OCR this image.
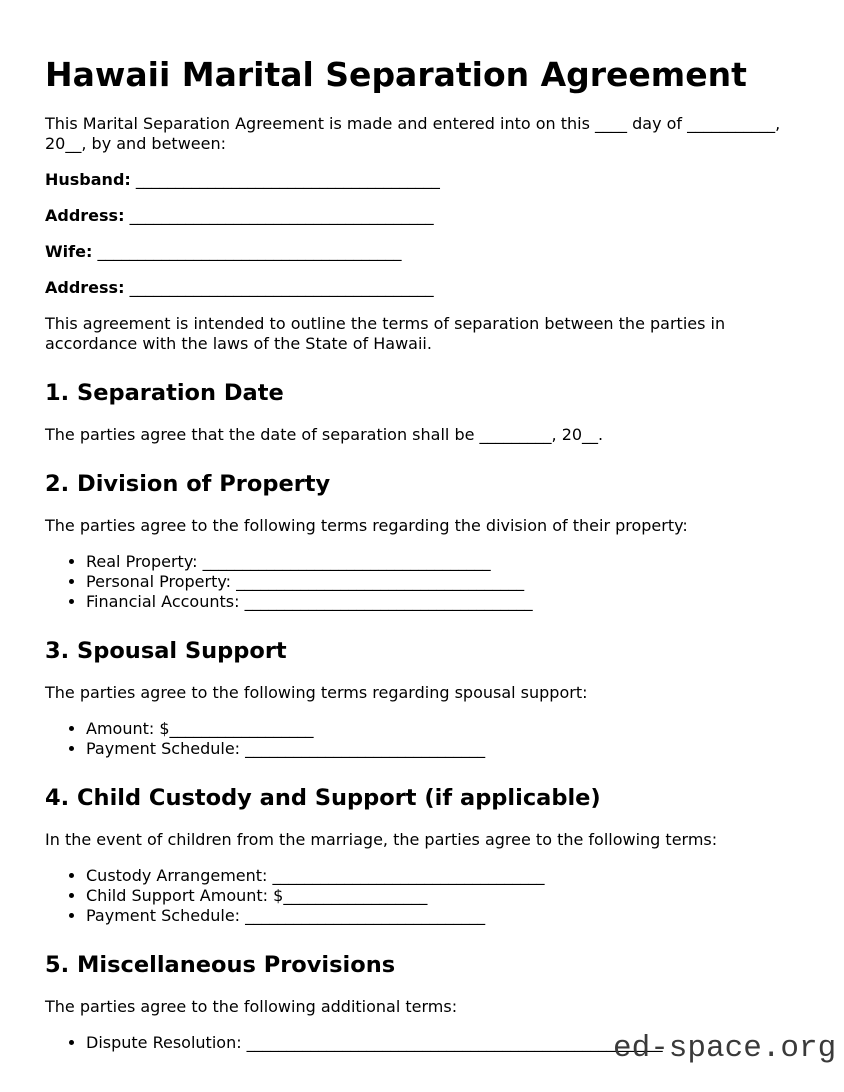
Hawaii Marital Separation Agreement

This Marital Separation Agreement is made and entered into on this ____ day of ___________, 20__, by and between:

Husband: ______________________________________

Address: ______________________________________

Wife: ______________________________________

Address: ______________________________________

This agreement is intended to outline the terms of separation between the parties in accordance with the laws of the State of Hawaii.

1. Separation Date

The parties agree that the date of separation shall be _________, 20__.

2. Division of Property

The parties agree to the following terms regarding the division of their property:

• Real Property: ____________________________________
• Personal Property: ____________________________________
• Financial Accounts: ____________________________________
3. Spousal Support

The parties agree to the following terms regarding spousal support:

• Amount: $__________________
• Payment Schedule: ______________________________
4. Child Custody and Support (if applicable)

In the event of children from the marriage, the parties agree to the following terms:

• Custody Arrangement: __________________________________
• Child Support Amount: $__________________
• Payment Schedule: ______________________________
5. Miscellaneous Provisions

The parties agree to the following additional terms:

• Dispute Resolution: ____________________________________________________
ed-space.org
